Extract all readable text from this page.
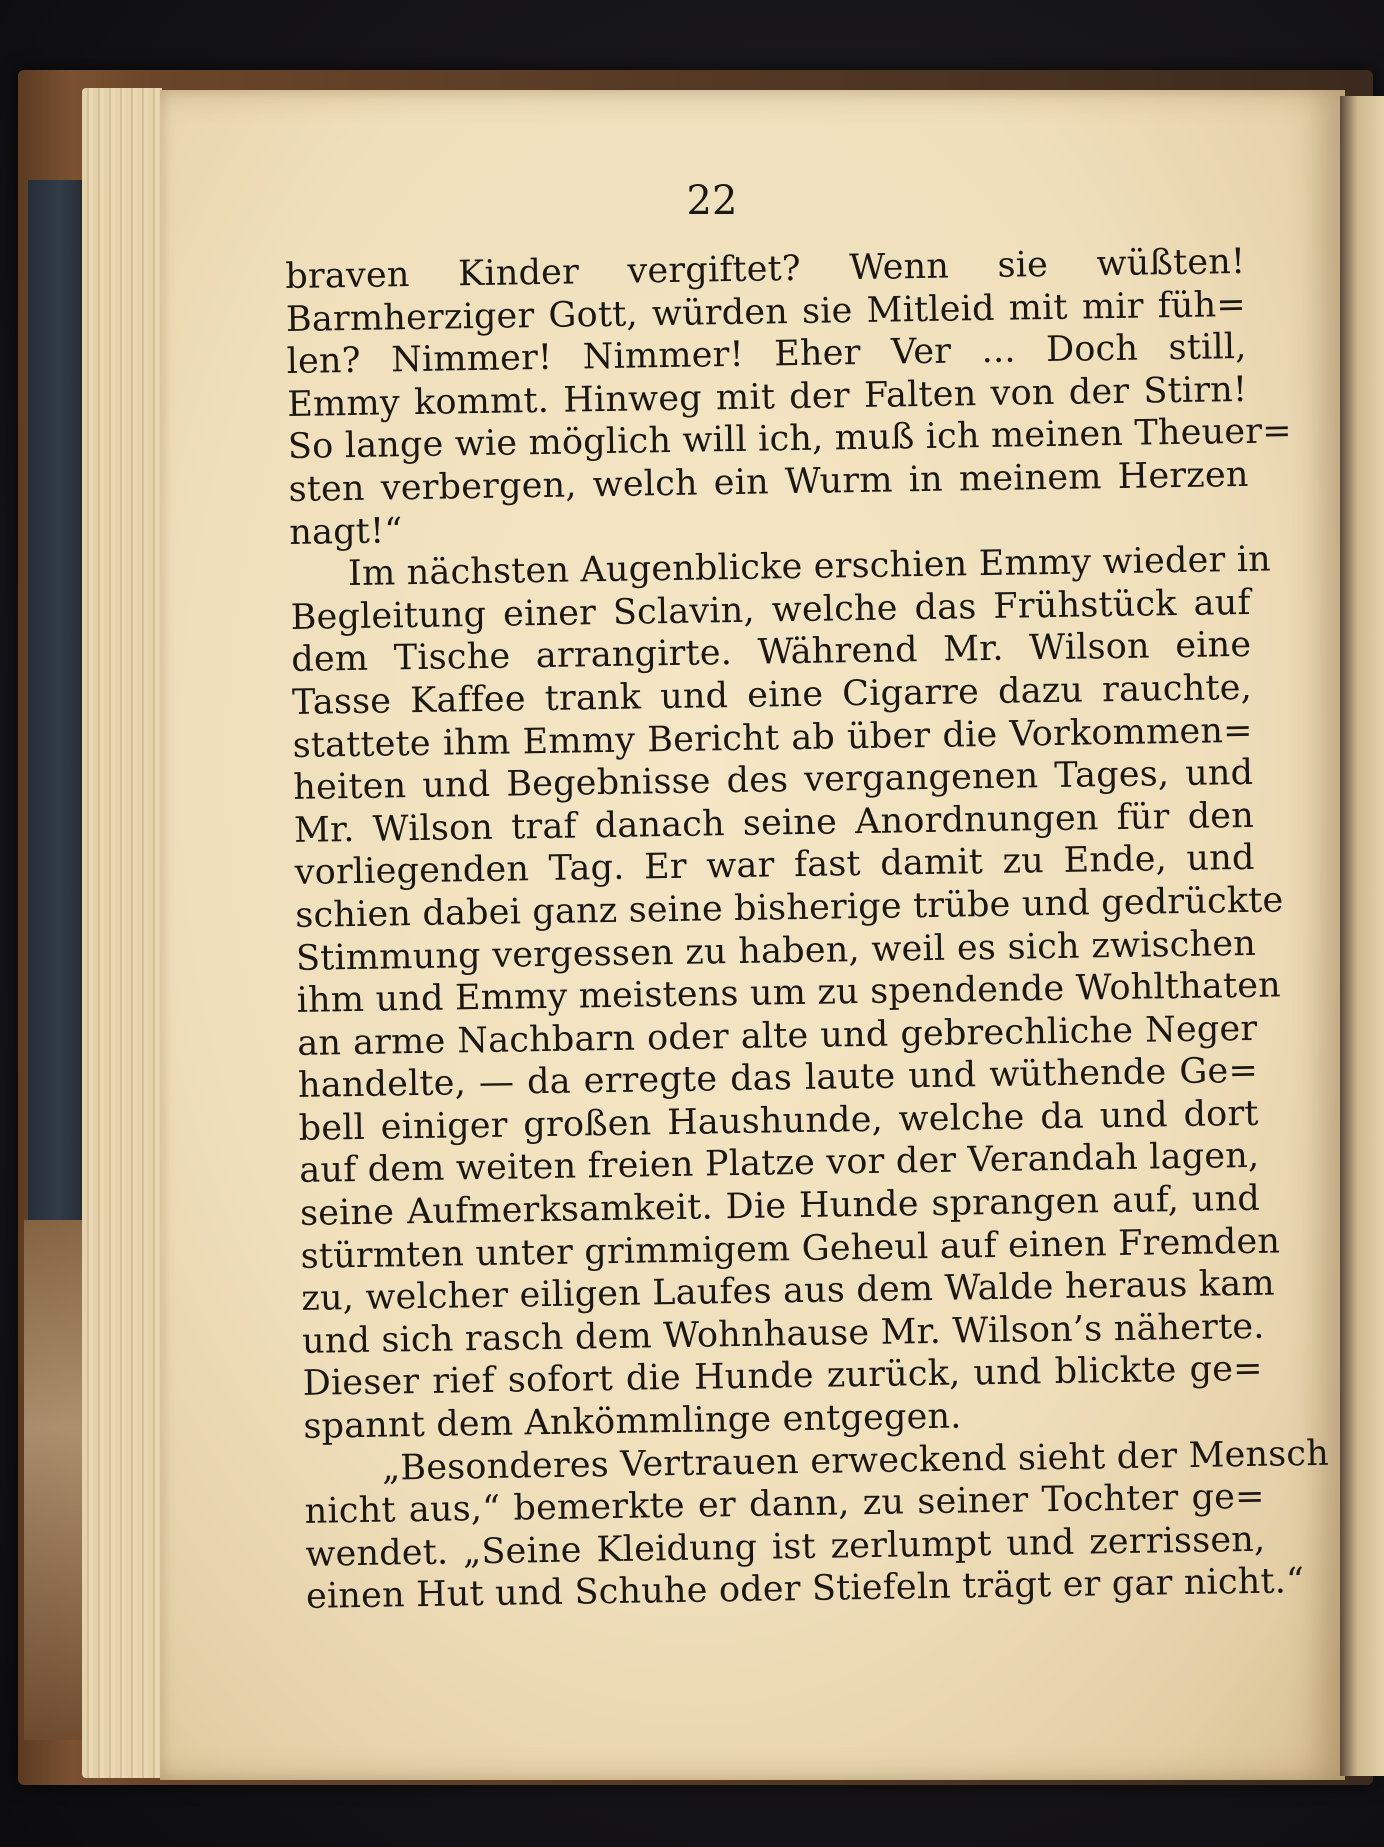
22
braven Kinder vergiftet? Wenn sie wüßten!
Barmherziger Gott, würden sie Mitleid mit mir füh=
len? Nimmer! Nimmer! Eher Ver ... Doch still,
Emmy kommt. Hinweg mit der Falten von der Stirn!
So lange wie möglich will ich, muß ich meinen Theuer=
sten verbergen, welch ein Wurm in meinem Herzen
nagt!“
Im nächsten Augenblicke erschien Emmy wieder in
Begleitung einer Sclavin, welche das Frühstück auf
dem Tische arrangirte. Während Mr. Wilson eine
Tasse Kaffee trank und eine Cigarre dazu rauchte,
stattete ihm Emmy Bericht ab über die Vorkommen=
heiten und Begebnisse des vergangenen Tages, und
Mr. Wilson traf danach seine Anordnungen für den
vorliegenden Tag. Er war fast damit zu Ende, und
schien dabei ganz seine bisherige trübe und gedrückte
Stimmung vergessen zu haben, weil es sich zwischen
ihm und Emmy meistens um zu spendende Wohlthaten
an arme Nachbarn oder alte und gebrechliche Neger
handelte, — da erregte das laute und wüthende Ge=
bell einiger großen Haushunde, welche da und dort
auf dem weiten freien Platze vor der Verandah lagen,
seine Aufmerksamkeit. Die Hunde sprangen auf, und
stürmten unter grimmigem Geheul auf einen Fremden
zu, welcher eiligen Laufes aus dem Walde heraus kam
und sich rasch dem Wohnhause Mr. Wilson’s näherte.
Dieser rief sofort die Hunde zurück, und blickte ge=
spannt dem Ankömmlinge entgegen.
„Besonderes Vertrauen erweckend sieht der Mensch
nicht aus,“ bemerkte er dann, zu seiner Tochter ge=
wendet. „Seine Kleidung ist zerlumpt und zerrissen,
einen Hut und Schuhe oder Stiefeln trägt er gar nicht.“
